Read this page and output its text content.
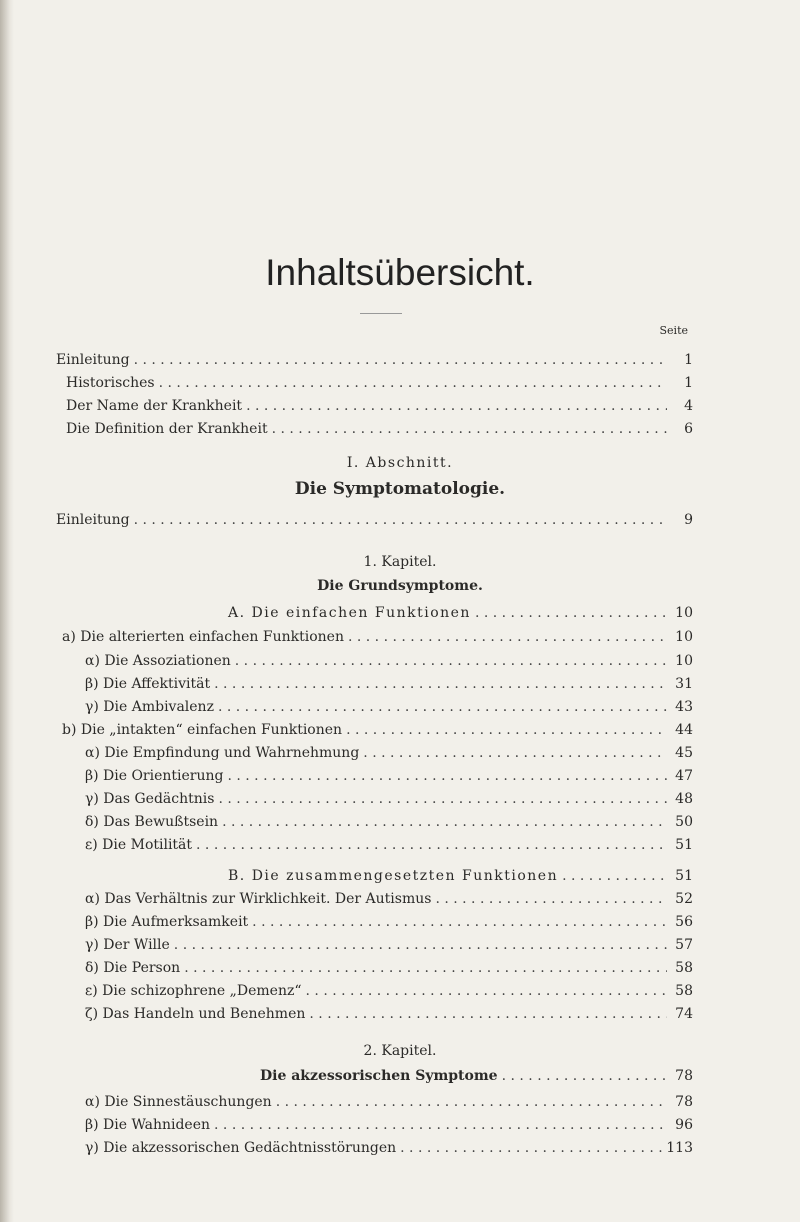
Inhaltsübersicht.
Seite
Einleitung . . .	1
Historisches . . .	1
Der Name der Krankheit . . .	4
Die Definition der Krankheit . . .	6
I. Abschnitt.
Die Symptomatologie.
Einleitung . . .	9
1. Kapitel.
Die Grundsymptome.
A. Die einfachen Funktionen . . .	10
a) Die alterierten einfachen Funktionen . . .	10
α) Die Assoziationen . . .	10
β) Die Affektivität . . .	31
γ) Die Ambivalenz . . .	43
b) Die „intakten“ einfachen Funktionen . . .	44
α) Die Empfindung und Wahrnehmung . . .	45
β) Die Orientierung . . .	47
γ) Das Gedächtnis . . .	48
δ) Das Bewußtsein . . .	50
ε) Die Motilität . . .	51
B. Die zusammengesetzten Funktionen . . .	51
α) Das Verhältnis zur Wirklichkeit. Der Autismus . . .	52
β) Die Aufmerksamkeit . . .	56
γ) Der Wille . . .	57
δ) Die Person . . .	58
ε) Die schizophrene „Demenz“ . . .	58
ζ) Das Handeln und Benehmen . . .	74
2. Kapitel.
Die akzessorischen Symptome . . .	78
α) Die Sinnestäuschungen . . .	78
β) Die Wahnideen . . .	96
γ) Die akzessorischen Gedächtnisstörungen . . .	113
